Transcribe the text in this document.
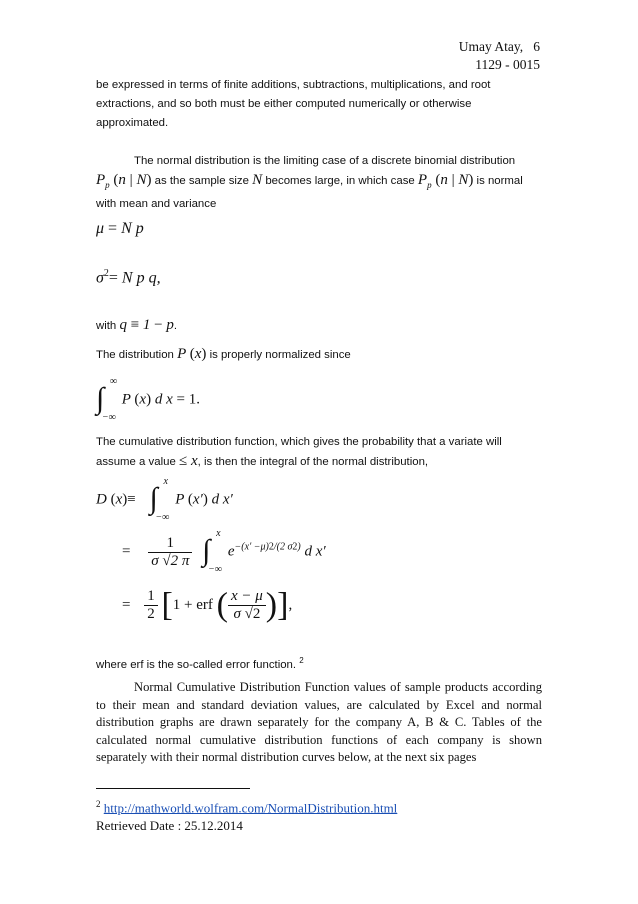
Umay Atay, 6
1129 - 0015
be expressed in terms of finite additions, subtractions, multiplications, and root extractions, and so both must be either computed numerically or otherwise approximated.
The normal distribution is the limiting case of a discrete binomial distribution
$P_p$ (n | N) as the sample size N becomes large, in which case $P_p$ (n | N) is normal
with mean and variance
μ = N p
$\sigma^2= N$ p q,
with q ≡ 1 − p.
The distribution P (x) is properly normalized since
∫
∞
−∞
P (x) d x = 1.
The cumulative distribution function, which gives the probability that a variate will
assume a value ≤ x, is then the integral of the normal distribution,
D (x)≡ ∫
x
−∞
P (x′) d x′
= $\frac{1}{\sigma √2 \pi}$
∫
x
−∞
$e^{-(x' -\mu)2/(2 \sigma 2)}$ d x′
= $\frac{1}{2} [1$ + erf ( $\frac{x - \mu}{\sigma √2}$ )],
where erf is the so-called error function. $^2$
Normal Cumulative Distribution Function values of sample products according to their mean and standard deviation values, are calculated by Excel and normal distribution graphs are drawn separately for the company A, B & C. Tables of the calculated normal cumulative distribution functions of each company is shown separately with their normal distribution curves below, at the next six pages
$^2$ http://mathworld.wolfram.com/NormalDistribution.html
Retrieved Date : 25.12.2014
